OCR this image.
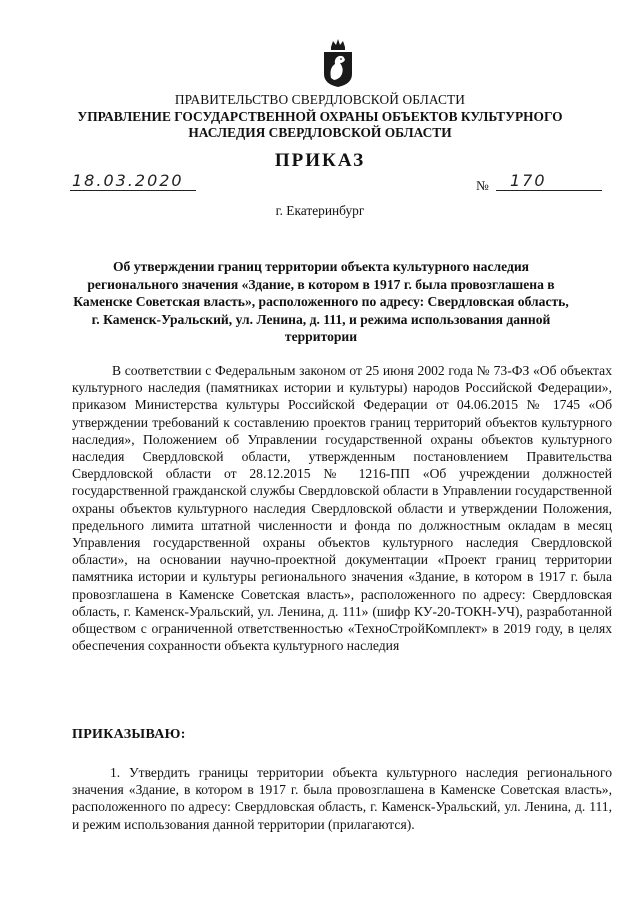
ПРАВИТЕЛЬСТВО СВЕРДЛОВСКОЙ ОБЛАСТИ
УПРАВЛЕНИЕ ГОСУДАРСТВЕННОЙ ОХРАНЫ ОБЪЕКТОВ КУЛЬТУРНОГО НАСЛЕДИЯ СВЕРДЛОВСКОЙ ОБЛАСТИ
ПРИКАЗ
18.03.2020	№ 170
г. Екатеринбург
Об утверждении границ территории объекта культурного наследия регионального значения «Здание, в котором в 1917 г. была провозглашена в Каменске Советская власть», расположенного по адресу: Свердловская область, г. Каменск-Уральский, ул. Ленина, д. 111, и режима использования данной территории
В соответствии с Федеральным законом от 25 июня 2002 года № 73-ФЗ «Об объектах культурного наследия (памятниках истории и культуры) народов Российской Федерации», приказом Министерства культуры Российской Федерации от 04.06.2015 № 1745 «Об утверждении требований к составлению проектов границ территорий объектов культурного наследия», Положением об Управлении государственной охраны объектов культурного наследия Свердловской области, утвержденным постановлением Правительства Свердловской области от 28.12.2015 № 1216-ПП «Об учреждении должностей государственной гражданской службы Свердловской области в Управлении государственной охраны объектов культурного наследия Свердловской области и утверждении Положения, предельного лимита штатной численности и фонда по должностным окладам в месяц Управления государственной охраны объектов культурного наследия Свердловской области», на основании научно-проектной документации «Проект границ территории памятника истории и культуры регионального значения «Здание, в котором в 1917 г. была провозглашена в Каменске Советская власть», расположенного по адресу: Свердловская область, г. Каменск-Уральский, ул. Ленина, д. 111» (шифр КУ-20-ТОКН-УЧ), разработанной обществом с ограниченной ответственностью «ТехноСтройКомплект» в 2019 году, в целях обеспечения сохранности объекта культурного наследия
ПРИКАЗЫВАЮ:
1. Утвердить границы территории объекта культурного наследия регионального значения «Здание, в котором в 1917 г. была провозглашена в Каменске Советская власть», расположенного по адресу: Свердловская область, г. Каменск-Уральский, ул. Ленина, д. 111, и режим использования данной территории (прилагаются).
